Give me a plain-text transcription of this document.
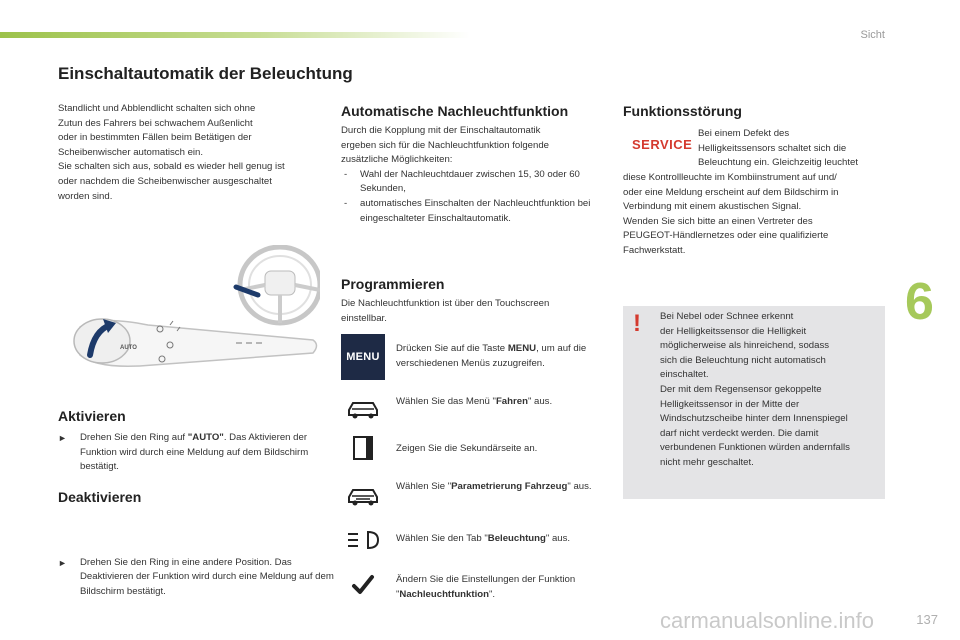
Sicht
Einschaltautomatik der Beleuchtung

Standlicht und Abblendlicht schalten sich ohne

Zutun des Fahrers bei schwachem Außenlicht

oder in bestimmten Fällen beim Betätigen der

Scheibenwischer automatisch ein.

Sie schalten sich aus, sobald es wieder hell genug ist

oder nachdem die Scheibenwischer ausgeschaltet

worden sind.

AUTO
Aktivieren
► Drehen Sie den Ring auf "AUTO". Das Aktivieren der Funktion wird durch eine Meldung auf dem Bildschirm bestätigt.
Deaktivieren
► Drehen Sie den Ring in eine andere Position. Das Deaktivieren der Funktion wird durch eine Meldung auf dem Bildschirm bestätigt.
Automatische Nachleuchtfunktion

Durch die Kopplung mit der Einschaltautomatik

ergeben sich für die Nachleuchtfunktion folgende

zusätzliche Möglichkeiten:

- Wahl der Nachleuchtdauer zwischen 15, 30 oder 60 Sekunden,
- automatisches Einschalten der Nachleuchtfunktion bei eingeschalteter Einschaltautomatik.
Programmieren
Die Nachleuchtfunktion ist über den Touchscreen einstellbar.
MENU
Drücken Sie auf die Taste MENU, um auf die verschiedenen Menüs zuzugreifen.
Wählen Sie das Menü "Fahren" aus.
Zeigen Sie die Sekundärseite an.
Wählen Sie "Parametrierung Fahrzeug" aus.
Wählen Sie den Tab "Beleuchtung" aus.
Ändern Sie die Einstellungen der Funktion "Nachleuchtfunktion".
Funktionsstörung
SERVICE

Bei einem Defekt des

Helligkeitssensors schaltet sich die

Beleuchtung ein. Gleichzeitig leuchtet

diese Kontrollleuchte im Kombiinstrument auf und/

oder eine Meldung erscheint auf dem Bildschirm in

Verbindung mit einem akustischen Signal.

Wenden Sie sich bitte an einen Vertreter des

PEUGEOT-Händlernetzes oder eine qualifizierte

Fachwerkstatt.

! Bei Nebel oder Schnee erkennt

der Helligkeitssensor die Helligkeit

möglicherweise als hinreichend, sodass

sich die Beleuchtung nicht automatisch

einschaltet.

Der mit dem Regensensor gekoppelte

Helligkeitssensor in der Mitte der

Windschutzscheibe hinter dem Innenspiegel

darf nicht verdeckt werden. Die damit

verbundenen Funktionen würden andernfalls

nicht mehr geschaltet.

6
carmanualsonline.info	137
